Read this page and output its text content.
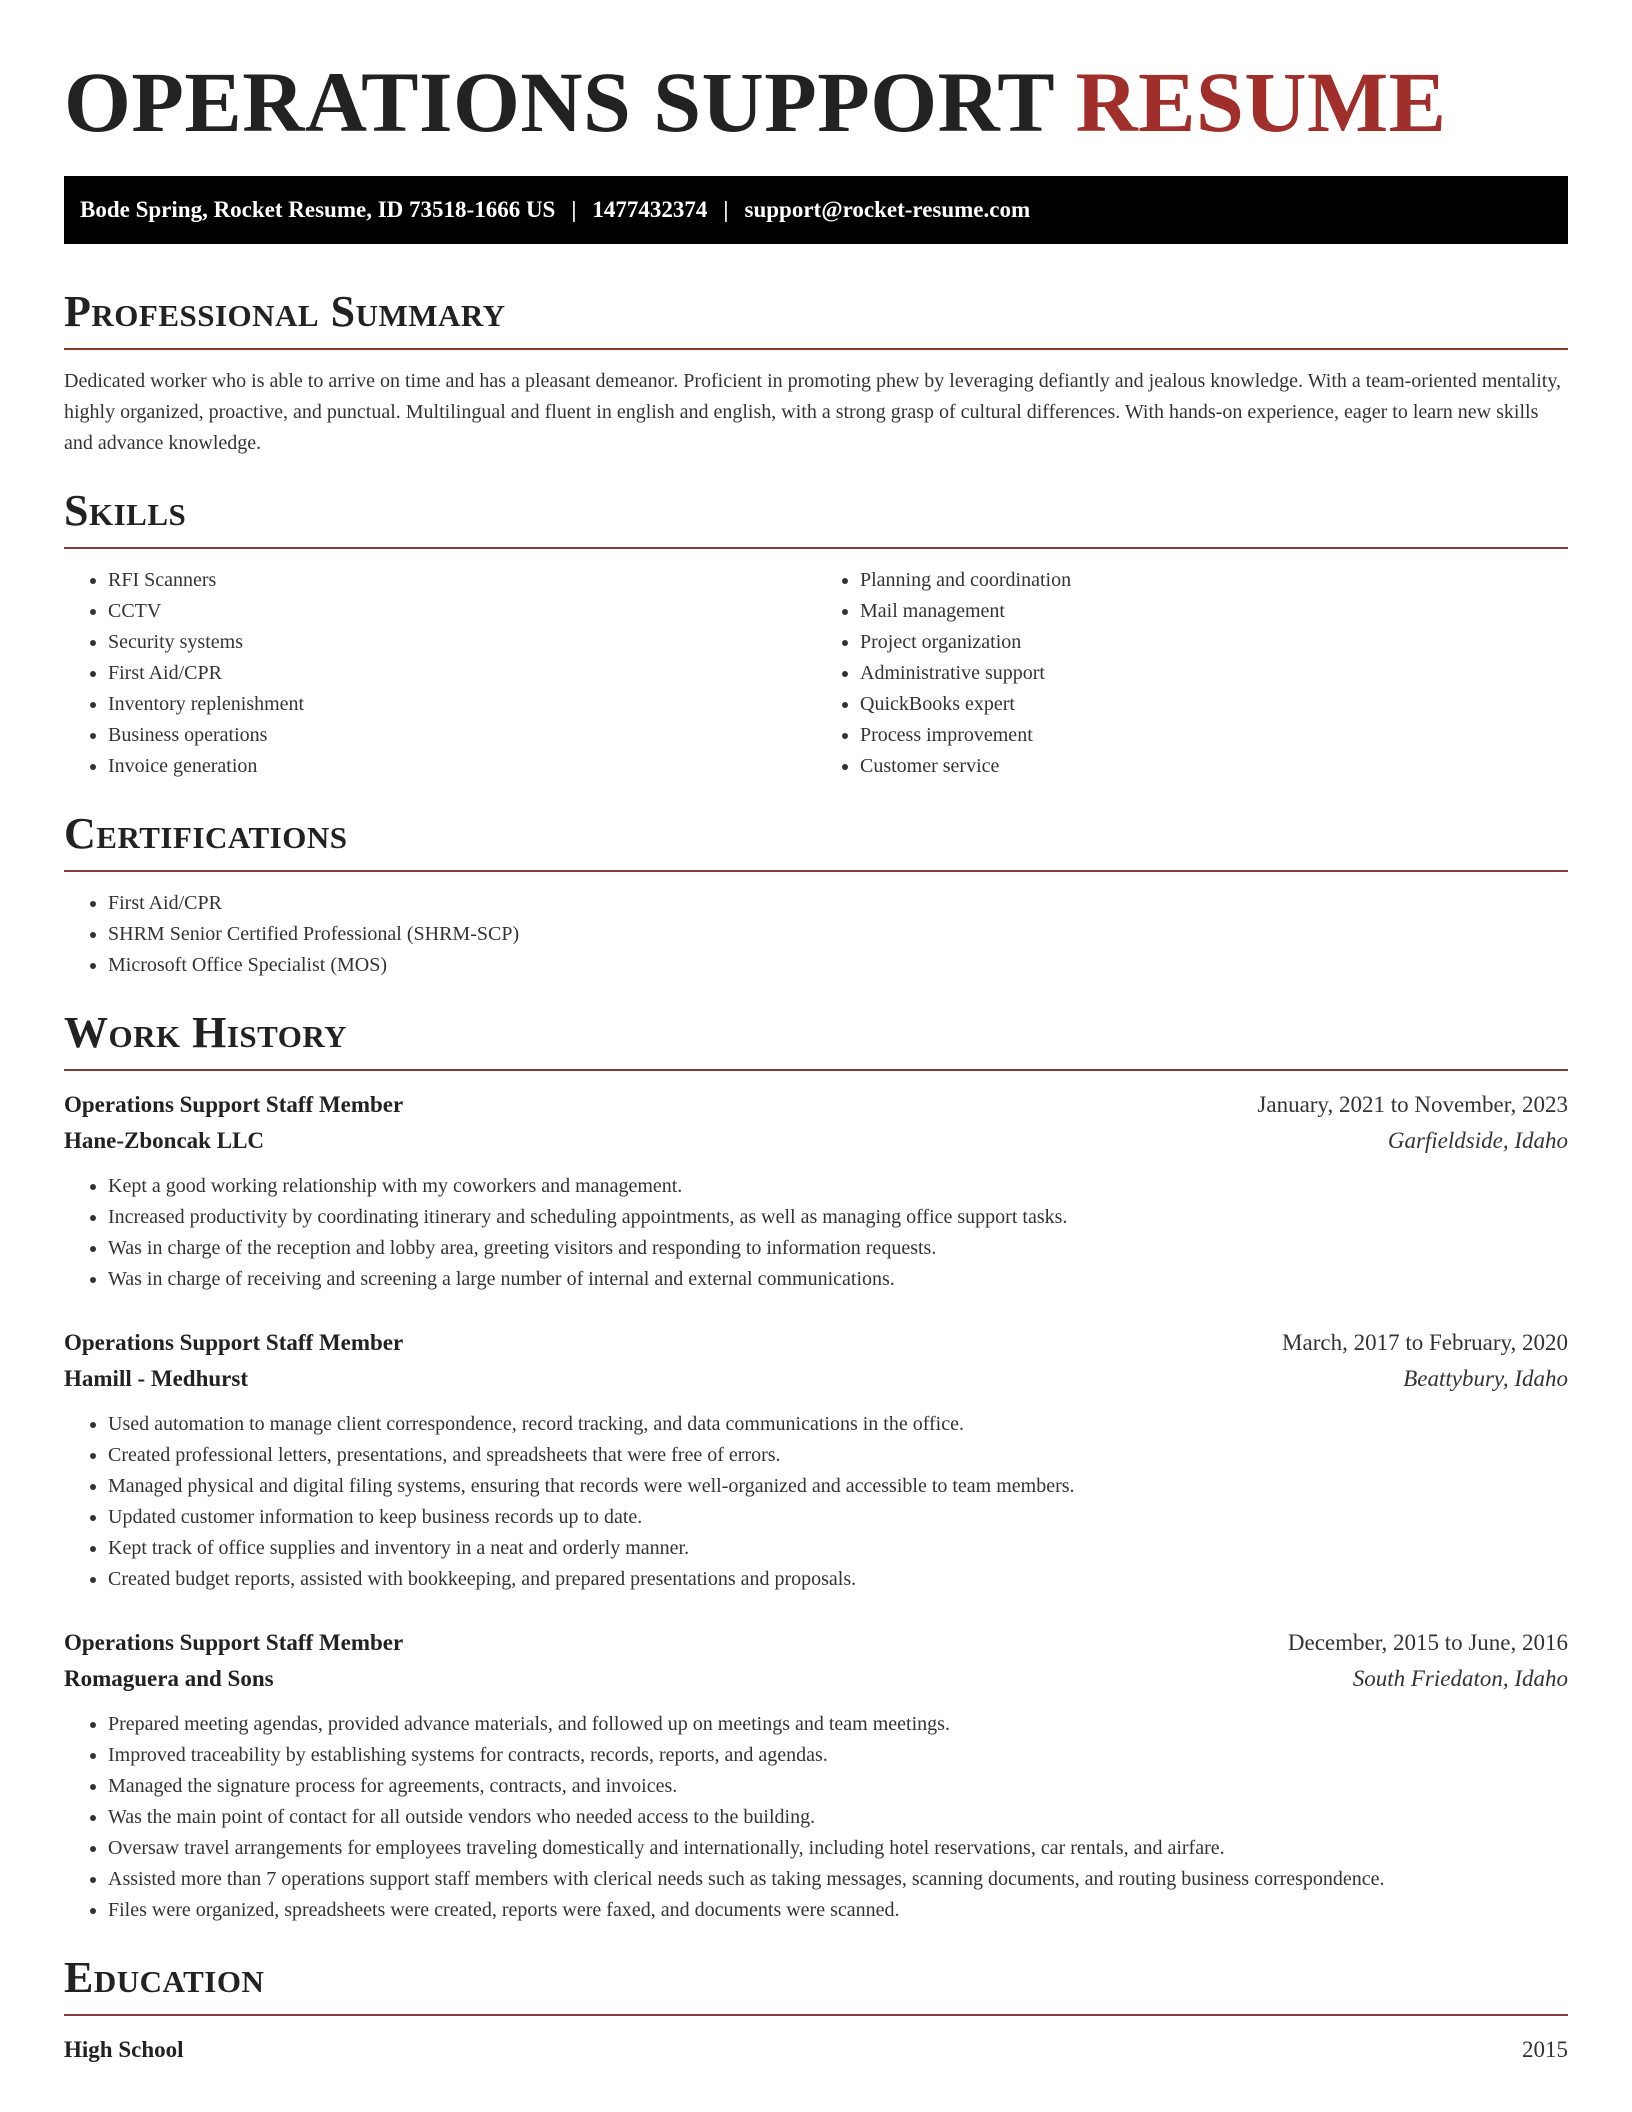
OPERATIONS SUPPORT RESUME
Bode Spring, Rocket Resume, ID 73518-1666 US | 1477432374 | support@rocket-resume.com
Professional Summary

Dedicated worker who is able to arrive on time and has a pleasant demeanor. Proficient in promoting phew by leveraging defiantly and jealous knowledge. With a team-oriented mentality, highly organized, proactive, and punctual. Multilingual and fluent in english and english, with a strong grasp of cultural differences. With hands-on experience, eager to learn new skills and advance knowledge.

Skills
• RFI Scanners
• CCTV
• Security systems
• First Aid/CPR
• Inventory replenishment
• Business operations
• Invoice generation
• Planning and coordination
• Mail management
• Project organization
• Administrative support
• QuickBooks expert
• Process improvement
• Customer service
Certifications
• First Aid/CPR
• SHRM Senior Certified Professional (SHRM-SCP)
• Microsoft Office Specialist (MOS)
Work History
Operations Support Staff Member	January, 2021 to November, 2023
Hane-Zboncak LLC	Garfieldside, Idaho
• Kept a good working relationship with my coworkers and management.
• Increased productivity by coordinating itinerary and scheduling appointments, as well as managing office support tasks.
• Was in charge of the reception and lobby area, greeting visitors and responding to information requests.
• Was in charge of receiving and screening a large number of internal and external communications.
Operations Support Staff Member	March, 2017 to February, 2020
Hamill - Medhurst	Beattybury, Idaho
• Used automation to manage client correspondence, record tracking, and data communications in the office.
• Created professional letters, presentations, and spreadsheets that were free of errors.
• Managed physical and digital filing systems, ensuring that records were well-organized and accessible to team members.
• Updated customer information to keep business records up to date.
• Kept track of office supplies and inventory in a neat and orderly manner.
• Created budget reports, assisted with bookkeeping, and prepared presentations and proposals.
Operations Support Staff Member	December, 2015 to June, 2016
Romaguera and Sons	South Friedaton, Idaho
• Prepared meeting agendas, provided advance materials, and followed up on meetings and team meetings.
• Improved traceability by establishing systems for contracts, records, reports, and agendas.
• Managed the signature process for agreements, contracts, and invoices.
• Was the main point of contact for all outside vendors who needed access to the building.
• Oversaw travel arrangements for employees traveling domestically and internationally, including hotel reservations, car rentals, and airfare.
• Assisted more than 7 operations support staff members with clerical needs such as taking messages, scanning documents, and routing business correspondence.
• Files were organized, spreadsheets were created, reports were faxed, and documents were scanned.
Education
High School	2015
